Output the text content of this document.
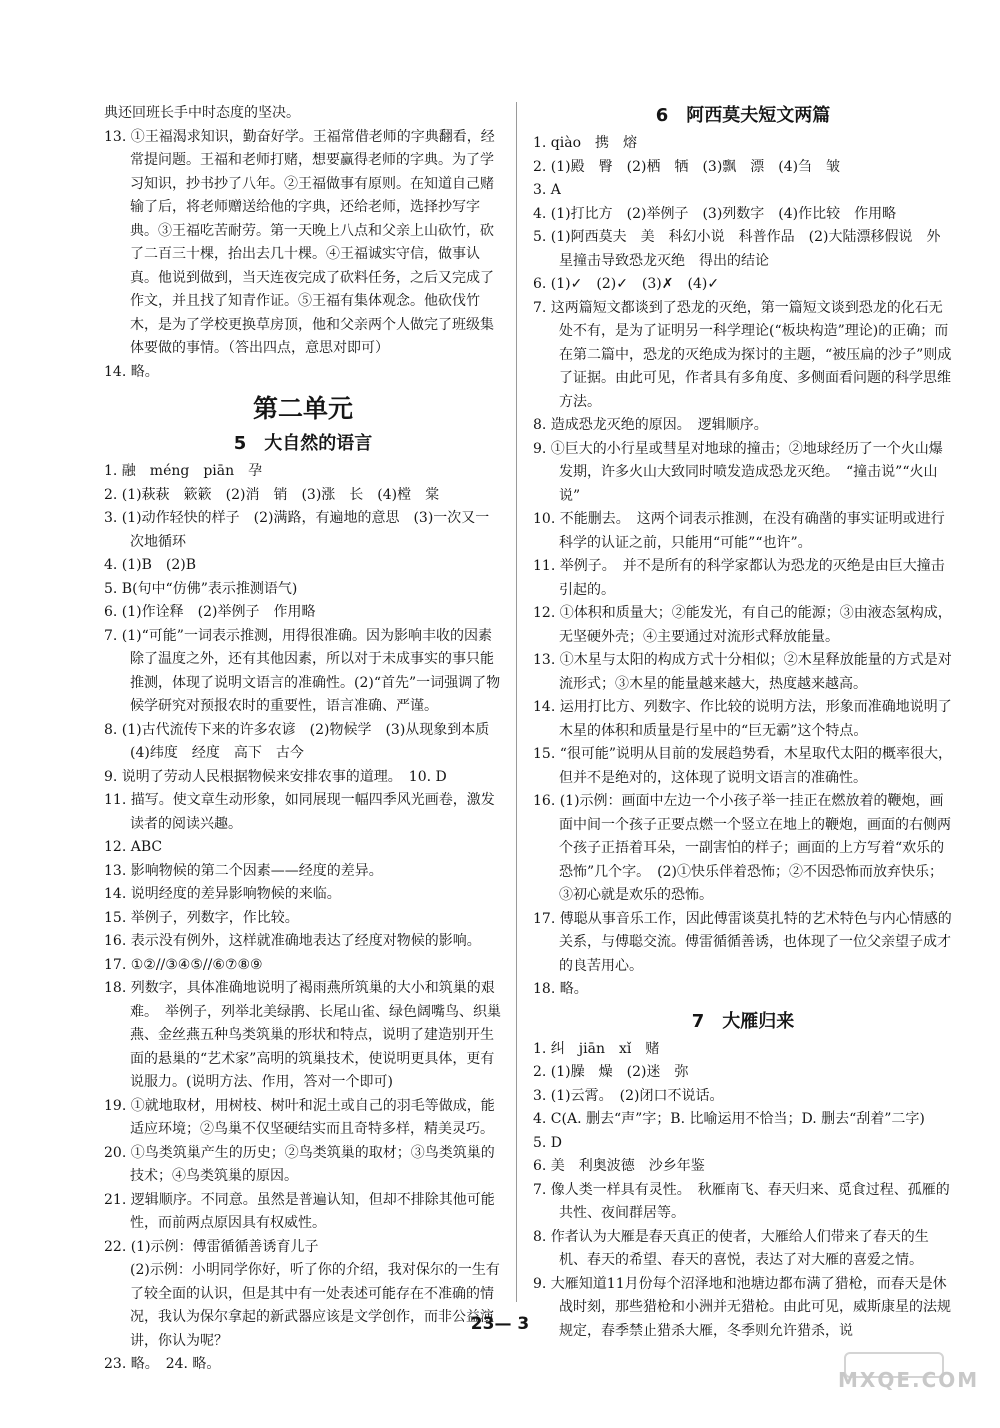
典还回班长手中时态度的坚决。

13. ①王福渴求知识，勤奋好学。王福常借老师的字典翻看，经常提问题。王福和老师打赌，想要赢得老师的字典。为了学习知识，抄书抄了八年。②王福做事有原则。在知道自己赌输了后，将老师赠送给他的字典，还给老师，选择抄写字典。③王福吃苦耐劳。第一天晚上八点和父亲上山砍竹，砍了二百三十棵，抬出去几十棵。④王福诚实守信，做事认真。他说到做到，当天连夜完成了砍料任务，之后又完成了作文，并且找了知青作证。⑤王福有集体观念。他砍伐竹木，是为了学校更换草房顶，他和父亲两个人做完了班级集体要做的事情。（答出四点，意思对即可）

14. 略。

第二单元
5　大自然的语言

1. 融　méng　piān　孕

2. (1)萩萩　簌簌　(2)消　销　(3)涨　长　(4)樘　棠

3. (1)动作轻快的样子　(2)满路，有遍地的意思　(3)一次又一次地循环

4. (1)B　(2)B

5. B(句中“仿佛”表示推测语气)

6. (1)作诠释　(2)举例子　作用略

7. (1)“可能”一词表示推测，用得很准确。因为影响丰收的因素除了温度之外，还有其他因素，所以对于未成事实的事只能推测，体现了说明文语言的准确性。(2)“首先”一词强调了物候学研究对预报农时的重要性，语言准确、严谨。

8. (1)古代流传下来的许多农谚　(2)物候学　(3)从现象到本质　(4)纬度　经度　高下　古今

9. 说明了劳动人民根据物候来安排农事的道理。　10. D

11. 描写。使文章生动形象，如同展现一幅四季风光画卷，激发读者的阅读兴趣。

12. ABC

13. 影响物候的第二个因素——经度的差异。

14. 说明经度的差异影响物候的来临。

15. 举例子，列数字，作比较。

16. 表示没有例外，这样就准确地表达了经度对物候的影响。

17. ①②//③④⑤//⑥⑦⑧⑨

18. 列数字，具体准确地说明了褐雨燕所筑巢的大小和筑巢的艰难。　举例子，列举北美绿鹃、长尾山雀、绿色阔嘴鸟、织巢燕、金丝燕五种鸟类筑巢的形状和特点，说明了建造别开生面的悬巢的“艺术家”高明的筑巢技术，使说明更具体，更有说服力。(说明方法、作用，答对一个即可)

19. ①就地取材，用树枝、树叶和泥土或自己的羽毛等做成，能适应环境；②鸟巢不仅坚硬结实而且奇特多样，精美灵巧。

20. ①鸟类筑巢产生的历史；②鸟类筑巢的取材；③鸟类筑巢的技术；④鸟类筑巢的原因。

21. 逻辑顺序。不同意。虽然是普遍认知，但却不排除其他可能性，而前两点原因具有权威性。

22. (1)示例：傅雷循循善诱育儿子
(2)示例：小明同学你好，听了你的介绍，我对保尔的一生有了较全面的认识，但是其中有一处表述可能存在不准确的情况，我认为保尔拿起的新武器应该是文学创作，而非公益演讲，你认为呢？

23. 略。　24. 略。

6　阿西莫夫短文两篇

1. qiào　携　熔

2. (1)殿　臀　(2)栖　牺　(3)飘　漂　(4)刍　皱

3. A

4. (1)打比方　(2)举例子　(3)列数字　(4)作比较　作用略

5. (1)阿西莫夫　美　科幻小说　科普作品　(2)大陆漂移假说　外星撞击导致恐龙灭绝　得出的结论

6. (1)✓　(2)✓　(3)✗　(4)✓

7. 这两篇短文都谈到了恐龙的灭绝，第一篇短文谈到恐龙的化石无处不有，是为了证明另一科学理论(“板块构造”理论)的正确；而在第二篇中，恐龙的灭绝成为探讨的主题，“被压扁的沙子”则成了证据。由此可见，作者具有多角度、多侧面看问题的科学思维方法。

8. 造成恐龙灭绝的原因。　逻辑顺序。

9. ①巨大的小行星或彗星对地球的撞击；②地球经历了一个火山爆发期，许多火山大致同时喷发造成恐龙灭绝。　“撞击说”“火山说”

10. 不能删去。　这两个词表示推测，在没有确凿的事实证明或进行科学的认证之前，只能用“可能”“也许”。

11. 举例子。　并不是所有的科学家都认为恐龙的灭绝是由巨大撞击引起的。

12. ①体积和质量大；②能发光，有自己的能源；③由液态氢构成，无坚硬外壳；④主要通过对流形式释放能量。

13. ①木星与太阳的构成方式十分相似；②木星释放能量的方式是对流形式；③木星的能量越来越大，热度越来越高。

14. 运用打比方、列数字、作比较的说明方法，形象而准确地说明了木星的体积和质量是行星中的“巨无霸”这个特点。

15. “很可能”说明从目前的发展趋势看，木星取代太阳的概率很大，但并不是绝对的，这体现了说明文语言的准确性。

16. (1)示例：画面中左边一个小孩子举一挂正在燃放着的鞭炮，画面中间一个孩子正要点燃一个竖立在地上的鞭炮，画面的右侧两个孩子正捂着耳朵，一副害怕的样子；画面的上方写着“欢乐的恐怖”几个字。　(2)①快乐伴着恐怖；②不因恐怖而放弃快乐；③初心就是欢乐的恐怖。

17. 傅聪从事音乐工作，因此傅雷谈莫扎特的艺术特色与内心情感的关系，与傅聪交流。傅雷循循善诱，也体现了一位父亲望子成才的良苦用心。

18. 略。

7　大雁归来

1. 纠　jiān　xǐ　赌

2. (1)臊　燥　(2)迷　弥

3. (1)云霄。　(2)闭口不说话。

4. C(A. 删去“声”字；B. 比喻运用不恰当；D. 删去“刮着”二字)

5. D

6. 美　利奥波德　沙乡年鉴

7. 像人类一样具有灵性。　秋雁南飞、春天归来、觅食过程、孤雁的共性、夜间群居等。

8. 作者认为大雁是春天真正的使者，大雁给人们带来了春天的生机、春天的希望、春天的喜悦，表达了对大雁的喜爱之情。

9. 大雁知道11月份每个沼泽地和池塘边都布满了猎枪，而春天是休战时刻，那些猎枪和小洲并无猎枪。由此可见，威斯康星的法规规定，春季禁止猎杀大雁，冬季则允许猎杀，说

23— 3
MXQE.COM
